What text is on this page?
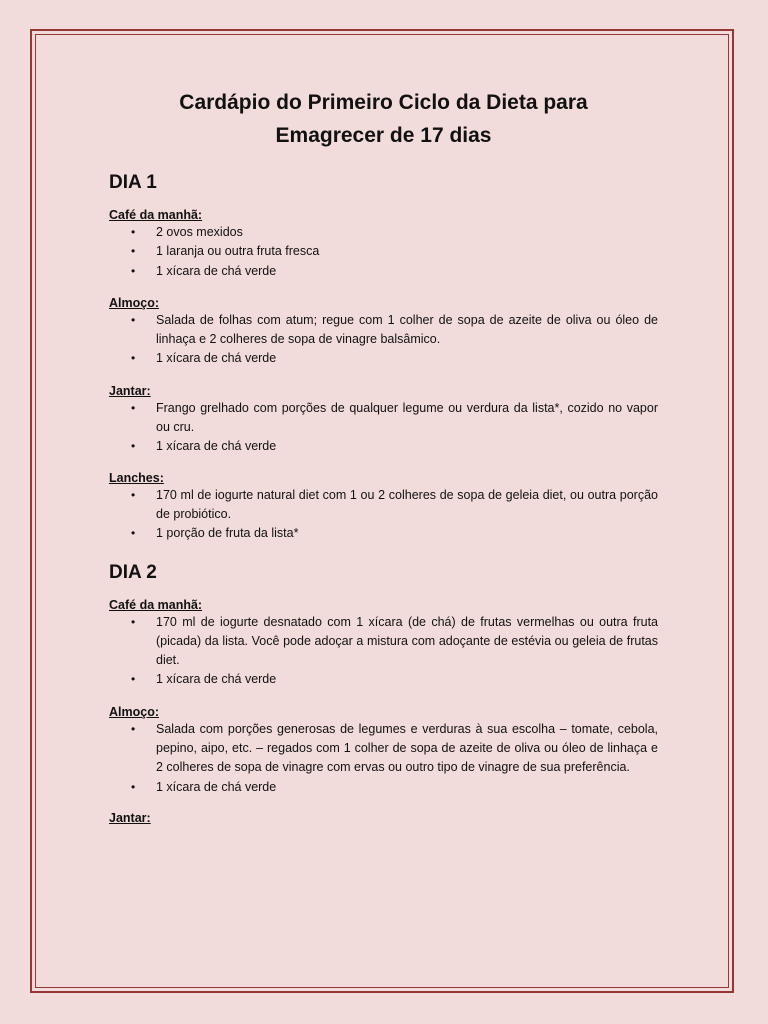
Cardápio do Primeiro Ciclo da Dieta para
Emagrecer de 17 dias
DIA 1

Café da manhã:

• 2 ovos mexidos
• 1 laranja ou outra fruta fresca
• 1 xícara de chá verde

Almoço:

• Salada de folhas com atum; regue com 1 colher de sopa de azeite de oliva ou óleo de linhaça e 2 colheres de sopa de vinagre balsâmico.
• 1 xícara de chá verde

Jantar:

• Frango grelhado com porções de qualquer legume ou verdura da lista*, cozido no vapor ou cru.
• 1 xícara de chá verde

Lanches:

• 170 ml de iogurte natural diet com 1 ou 2 colheres de sopa de geleia diet, ou outra porção de probiótico.
• 1 porção de fruta da lista*
DIA 2

Café da manhã:

• 170 ml de iogurte desnatado com 1 xícara (de chá) de frutas vermelhas ou outra fruta (picada) da lista. Você pode adoçar a mistura com adoçante de estévia ou geleia de frutas diet.
• 1 xícara de chá verde

Almoço:

• Salada com porções generosas de legumes e verduras à sua escolha – tomate, cebola, pepino, aipo, etc. – regados com 1 colher de sopa de azeite de oliva ou óleo de linhaça e 2 colheres de sopa de vinagre com ervas ou outro tipo de vinagre de sua preferência.
• 1 xícara de chá verde

Jantar:
